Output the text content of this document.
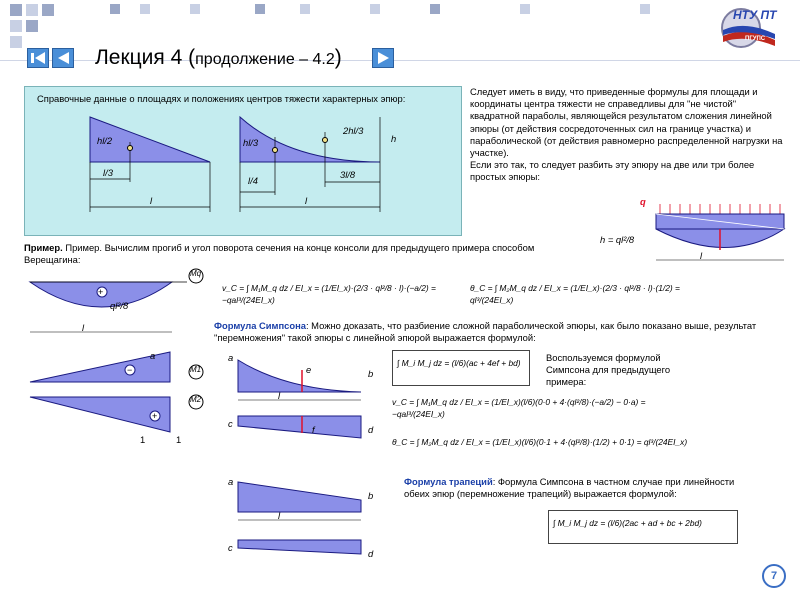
НТУ ПТ
ПГУПС
Лекция 4 (продолжение – 4.2)
Справочные данные о площадях и положениях центров тяжести характерных эпюр:
hl/2
l/3
l
hl/3
2hl/3
l/4
3l/8
h
l
Следует иметь в виду, что приведенные формулы для площади и координаты центра тяжести не справедливы для "не чистой" квадратной параболы, являющейся результатом сложения линейной эпюры (от действия сосредоточенных сил на границе участка) и параболической (от действия равномерно распределенной нагрузки на участке).
Если это так, то следует разбить эту эпюру на две или три более простых эпюры:
q
h = ql²/8
l
Пример. Пример. Вычислим прогиб и угол поворота сечения на конце консоли для предыдущего примера способом Верещагина:
+
−
+
Mq
ql²/8
l
a
M1
M2
1	1
v_C = ∫ M₁M_q dz / EI_x = (1/EI_x)·(2/3 · ql²/8 · l)·(−a/2) = −qal³/(24EI_x)
θ_C = ∫ M₂M_q dz / EI_x = (1/EI_x)·(2/3 · ql²/8 · l)·(1/2) = ql³/(24EI_x)
Формула Симпсона: Можно доказать, что разбиение сложной параболической эпюры, как было показано выше, результат "перемножения" такой эпюры с линейной эпюрой выражается формулой:
a
e	b
l
c
f	d
∫ M_i M_j dz = (l/6)(ac + 4ef + bd)	Воспользуемся формулой Симпсона для предыдущего примера:
v_C = ∫ M₁M_q dz / EI_x = (1/EI_x)(l/6)(0·0 + 4·(ql²/8)·(−a/2) − 0·a) = −qal³/(24EI_x)
θ_C = ∫ M₂M_q dz / EI_x = (1/EI_x)(l/6)(0·1 + 4·(ql²/8)·(1/2) + 0·1) = ql³/(24EI_x)
a
b
l
c
d
Формула трапеций: Формула Симпсона в частном случае при линейности обеих эпюр (перемножение трапеций) выражается формулой:
∫ M_i M_j dz = (l/6)(2ac + ad + bc + 2bd)
7
